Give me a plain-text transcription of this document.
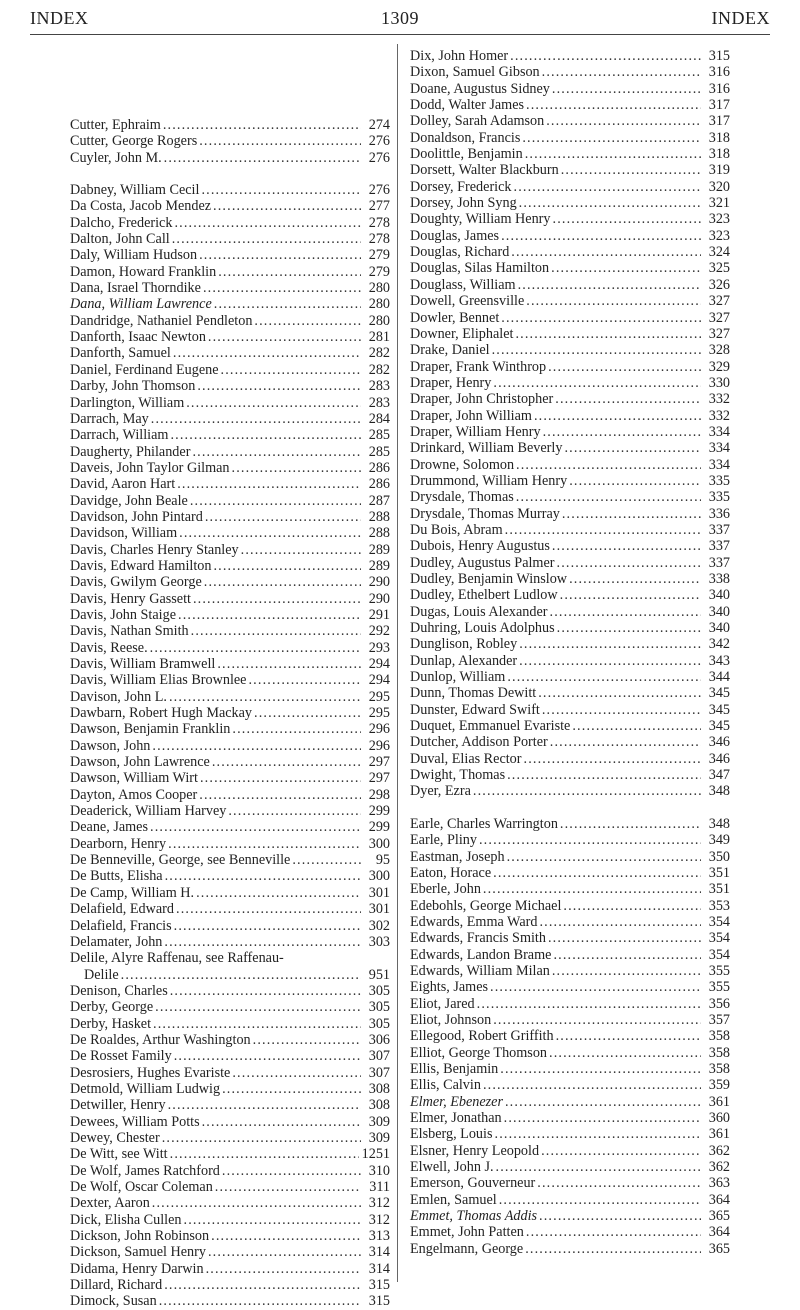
INDEX	1309	INDEX
Cutter, Ephraim . . .	274
Cutter, George Rogers . . .	276
Cuyler, John M. . . .	276
Dabney, William Cecil . . .	276
Da Costa, Jacob Mendez . . .	277
Dalcho, Frederick . . .	278
Dalton, John Call . . .	278
Daly, William Hudson . . .	279
Damon, Howard Franklin . . .	279
Dana, Israel Thorndike . . .	280
Dana, William Lawrence . . .	280
Dandridge, Nathaniel Pendleton . . .	280
Danforth, Isaac Newton . . .	281
Danforth, Samuel . . .	282
Daniel, Ferdinand Eugene . . .	282
Darby, John Thomson . . .	283
Darlington, William . . .	283
Darrach, May . . .	284
Darrach, William . . .	285
Daugherty, Philander . . .	285
Daveis, John Taylor Gilman . . .	286
David, Aaron Hart . . .	286
Davidge, John Beale . . .	287
Davidson, John Pintard . . .	288
Davidson, William . . .	288
Davis, Charles Henry Stanley . . .	289
Davis, Edward Hamilton . . .	289
Davis, Gwilym George . . .	290
Davis, Henry Gassett . . .	290
Davis, John Staige . . .	291
Davis, Nathan Smith . . .	292
Davis, Reese. . . .	293
Davis, William Bramwell . . .	294
Davis, William Elias Brownlee . . .	294
Davison, John L. . . .	295
Dawbarn, Robert Hugh Mackay . . .	295
Dawson, Benjamin Franklin . . .	296
Dawson, John . . .	296
Dawson, John Lawrence . . .	297
Dawson, William Wirt . . .	297
Dayton, Amos Cooper . . .	298
Deaderick, William Harvey . . .	299
Deane, James . . .	299
Dearborn, Henry . . .	300
De Benneville, George, see Benneville . . .	95
De Butts, Elisha . . .	300
De Camp, William H. . . .	301
Delafield, Edward . . .	301
Delafield, Francis . . .	302
Delamater, John . . .	303
Delile, Alyre Raffenau, see Raffenau-
Delile . . .	951
Denison, Charles . . .	305
Derby, George . . .	305
Derby, Hasket . . .	305
De Roaldes, Arthur Washington . . .	306
De Rosset Family . . .	307
Desrosiers, Hughes Evariste . . .	307
Detmold, William Ludwig . . .	308
Detwiller, Henry . . .	308
Dewees, William Potts . . .	309
Dewey, Chester . . .	309
De Witt, see Witt . . .	1251
De Wolf, James Ratchford . . .	310
De Wolf, Oscar Coleman . . .	311
Dexter, Aaron . . .	312
Dick, Elisha Cullen . . .	312
Dickson, John Robinson . . .	313
Dickson, Samuel Henry . . .	314
Didama, Henry Darwin . . .	314
Dillard, Richard . . .	315
Dimock, Susan . . .	315
Dix, John Homer . . .	315
Dixon, Samuel Gibson . . .	316
Doane, Augustus Sidney . . .	316
Dodd, Walter James . . .	317
Dolley, Sarah Adamson . . .	317
Donaldson, Francis . . .	318
Doolittle, Benjamin . . .	318
Dorsett, Walter Blackburn . . .	319
Dorsey, Frederick . . .	320
Dorsey, John Syng . . .	321
Doughty, William Henry . . .	323
Douglas, James . . .	323
Douglas, Richard . . .	324
Douglas, Silas Hamilton . . .	325
Douglass, William . . .	326
Dowell, Greensville . . .	327
Dowler, Bennet . . .	327
Downer, Eliphalet . . .	327
Drake, Daniel . . .	328
Draper, Frank Winthrop . . .	329
Draper, Henry . . .	330
Draper, John Christopher . . .	332
Draper, John William . . .	332
Draper, William Henry . . .	334
Drinkard, William Beverly . . .	334
Drowne, Solomon . . .	334
Drummond, William Henry . . .	335
Drysdale, Thomas . . .	335
Drysdale, Thomas Murray . . .	336
Du Bois, Abram . . .	337
Dubois, Henry Augustus . . .	337
Dudley, Augustus Palmer . . .	337
Dudley, Benjamin Winslow . . .	338
Dudley, Ethelbert Ludlow . . .	340
Dugas, Louis Alexander . . .	340
Duhring, Louis Adolphus . . .	340
Dunglison, Robley . . .	342
Dunlap, Alexander . . .	343
Dunlop, William . . .	344
Dunn, Thomas Dewitt . . .	345
Dunster, Edward Swift . . .	345
Duquet, Emmanuel Evariste . . .	345
Dutcher, Addison Porter . . .	346
Duval, Elias Rector . . .	346
Dwight, Thomas . . .	347
Dyer, Ezra . . .	348
Earle, Charles Warrington . . .	348
Earle, Pliny . . .	349
Eastman, Joseph . . .	350
Eaton, Horace . . .	351
Eberle, John . . .	351
Edebohls, George Michael . . .	353
Edwards, Emma Ward . . .	354
Edwards, Francis Smith . . .	354
Edwards, Landon Brame . . .	354
Edwards, William Milan . . .	355
Eights, James . . .	355
Eliot, Jared . . .	356
Eliot, Johnson . . .	357
Ellegood, Robert Griffith . . .	358
Elliot, George Thomson . . .	358
Ellis, Benjamin . . .	358
Ellis, Calvin . . .	359
Elmer, Ebenezer . . .	361
Elmer, Jonathan . . .	360
Elsberg, Louis . . .	361
Elsner, Henry Leopold . . .	362
Elwell, John J. . . .	362
Emerson, Gouverneur . . .	363
Emlen, Samuel . . .	364
Emmet, Thomas Addis . . .	365
Emmet, John Patten . . .	364
Engelmann, George . . .	365
